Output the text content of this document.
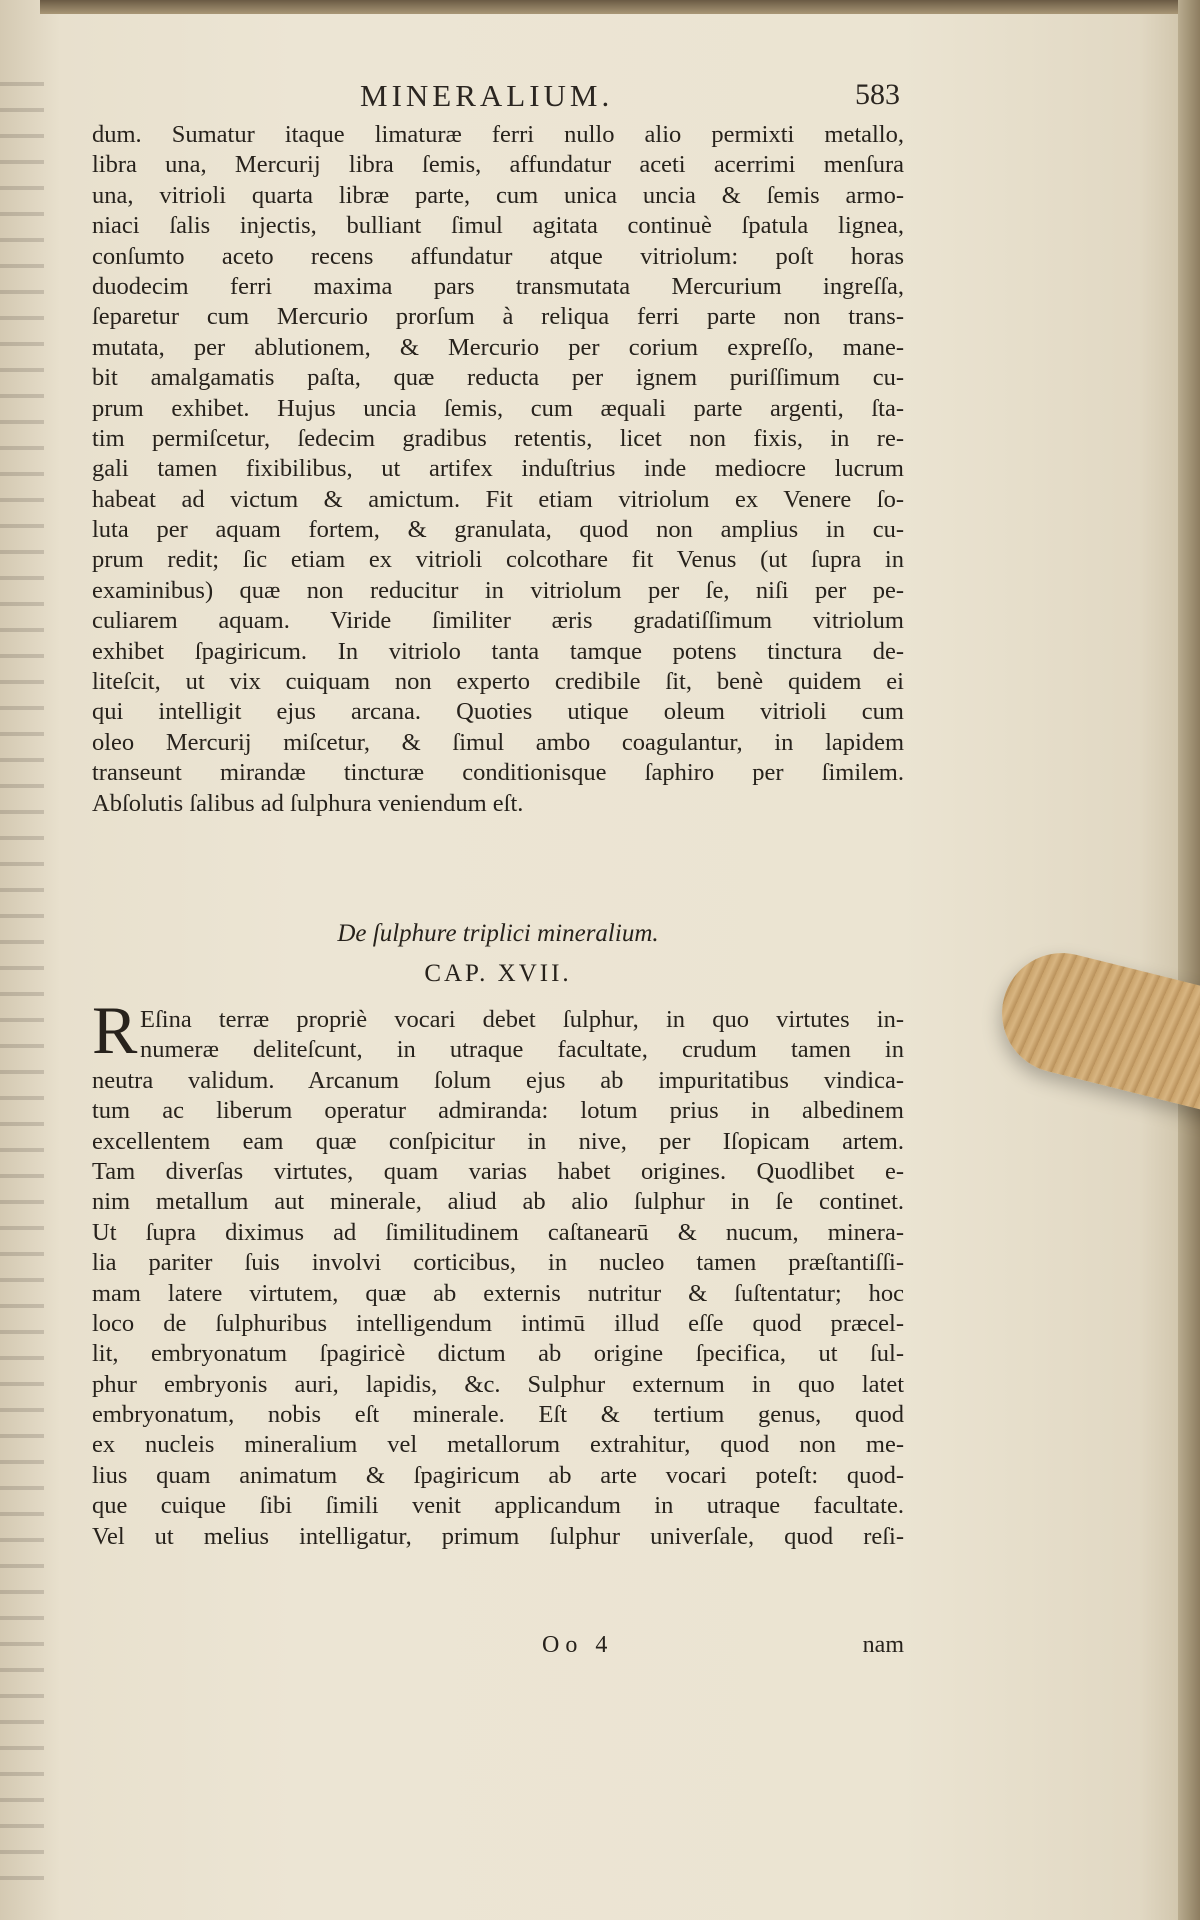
MINERALIUM.	583
dum. Sumatur itaque limaturæ ferri nullo alio permixti metallo,
libra una, Mercurij libra ſemis, affundatur aceti acerrimi menſura
una, vitrioli quarta libræ parte, cum unica uncia & ſemis armo-
niaci ſalis injectis, bulliant ſimul agitata continuè ſpatula lignea,
conſumto aceto recens affundatur atque vitriolum: poſt horas
duodecim ferri maxima pars transmutata Mercurium ingreſſa,
ſeparetur cum Mercurio prorſum à reliqua ferri parte non trans-
mutata, per ablutionem, & Mercurio per corium expreſſo, mane-
bit amalgamatis paſta, quæ reducta per ignem puriſſimum cu-
prum exhibet. Hujus uncia ſemis, cum æquali parte argenti, ſta-
tim permiſcetur, ſedecim gradibus retentis, licet non fixis, in re-
gali tamen fixibilibus, ut artifex induſtrius inde mediocre lucrum
habeat ad victum & amictum. Fit etiam vitriolum ex Venere ſo-
luta per aquam fortem, & granulata, quod non amplius in cu-
prum redit; ſic etiam ex vitrioli colcothare fit Venus (ut ſupra in
examinibus) quæ non reducitur in vitriolum per ſe, niſi per pe-
culiarem aquam. Viride ſimiliter æris gradatiſſimum vitriolum
exhibet ſpagiricum. In vitriolo tanta tamque potens tinctura de-
liteſcit, ut vix cuiquam non experto credibile ſit, benè quidem ei
qui intelligit ejus arcana. Quoties utique oleum vitrioli cum
oleo Mercurij miſcetur, & ſimul ambo coagulantur, in lapidem
transeunt mirandæ tincturæ conditionisque ſaphiro per ſimilem.
Abſolutis ſalibus ad ſulphura veniendum eſt.
De ſulphure triplici mineralium.
CAP. XVII.
R Eſina terræ propriè vocari debet ſulphur, in quo virtutes in-
numeræ deliteſcunt, in utraque facultate, crudum tamen in
neutra validum. Arcanum ſolum ejus ab impuritatibus vindica-
tum ac liberum operatur admiranda: lotum prius in albedinem
excellentem eam quæ conſpicitur in nive, per Iſopicam artem.
Tam diverſas virtutes, quam varias habet origines. Quodlibet e-
nim metallum aut minerale, aliud ab alio ſulphur in ſe continet.
Ut ſupra diximus ad ſimilitudinem caſtanearū & nucum, minera-
lia pariter ſuis involvi corticibus, in nucleo tamen præſtantiſſi-
mam latere virtutem, quæ ab externis nutritur & ſuſtentatur; hoc
loco de ſulphuribus intelligendum intimū illud eſſe quod præcel-
lit, embryonatum ſpagiricè dictum ab origine ſpecifica, ut ſul-
phur embryonis auri, lapidis, &c. Sulphur externum in quo latet
embryonatum, nobis eſt minerale. Eſt & tertium genus, quod
ex nucleis mineralium vel metallorum extrahitur, quod non me-
lius quam animatum & ſpagiricum ab arte vocari poteſt: quod-
que cuique ſibi ſimili venit applicandum in utraque facultate.
Vel ut melius intelligatur, primum ſulphur univerſale, quod reſi-
Oo 4	nam
